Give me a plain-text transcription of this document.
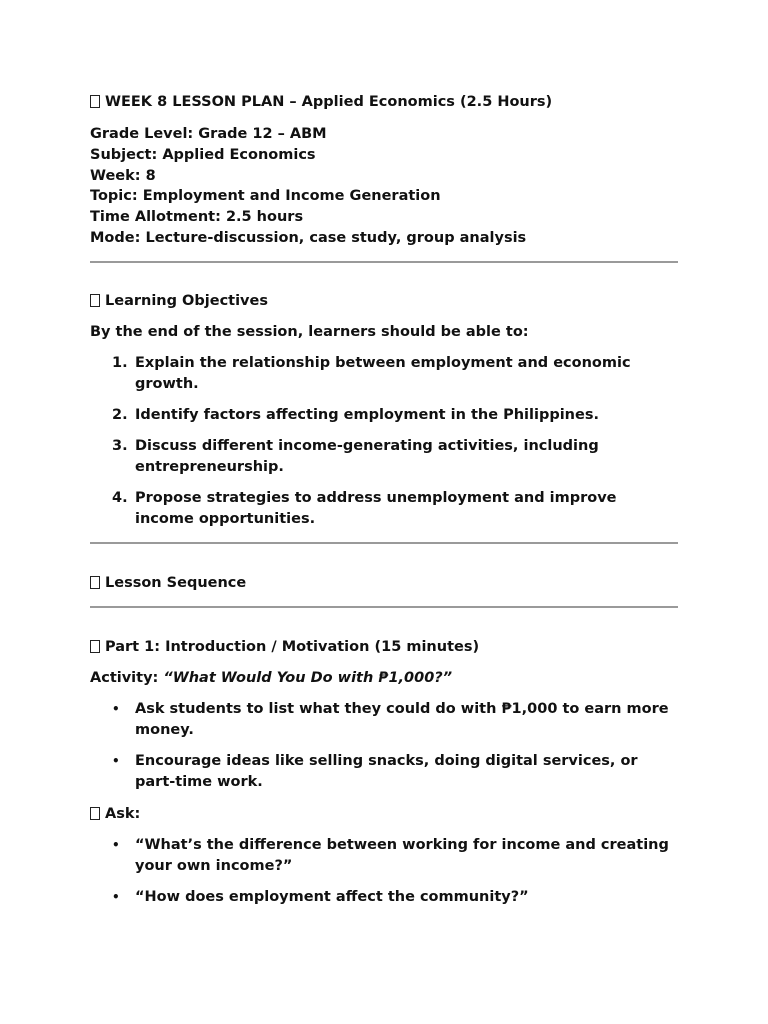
WEEK 8 LESSON PLAN – Applied Economics (2.5 Hours)

Grade Level: Grade 12 – ABM

Subject: Applied Economics

Week: 8

Topic: Employment and Income Generation

Time Allotment: 2.5 hours

Mode: Lecture-discussion, case study, group analysis

Learning Objectives

By the end of the session, learners should be able to:

1. Explain the relationship between employment and economic growth.
2. Identify factors affecting employment in the Philippines.
3. Discuss different income-generating activities, including entrepreneurship.
4. Propose strategies to address unemployment and improve income opportunities.

Lesson Sequence

Part 1: Introduction / Motivation (15 minutes)

Activity: “What Would You Do with ₱1,000?”

• Ask students to list what they could do with ₱1,000 to earn more money.
• Encourage ideas like selling snacks, doing digital services, or part-time work.

Ask:

• “What’s the difference between working for income and creating your own income?”
• “How does employment affect the community?”
